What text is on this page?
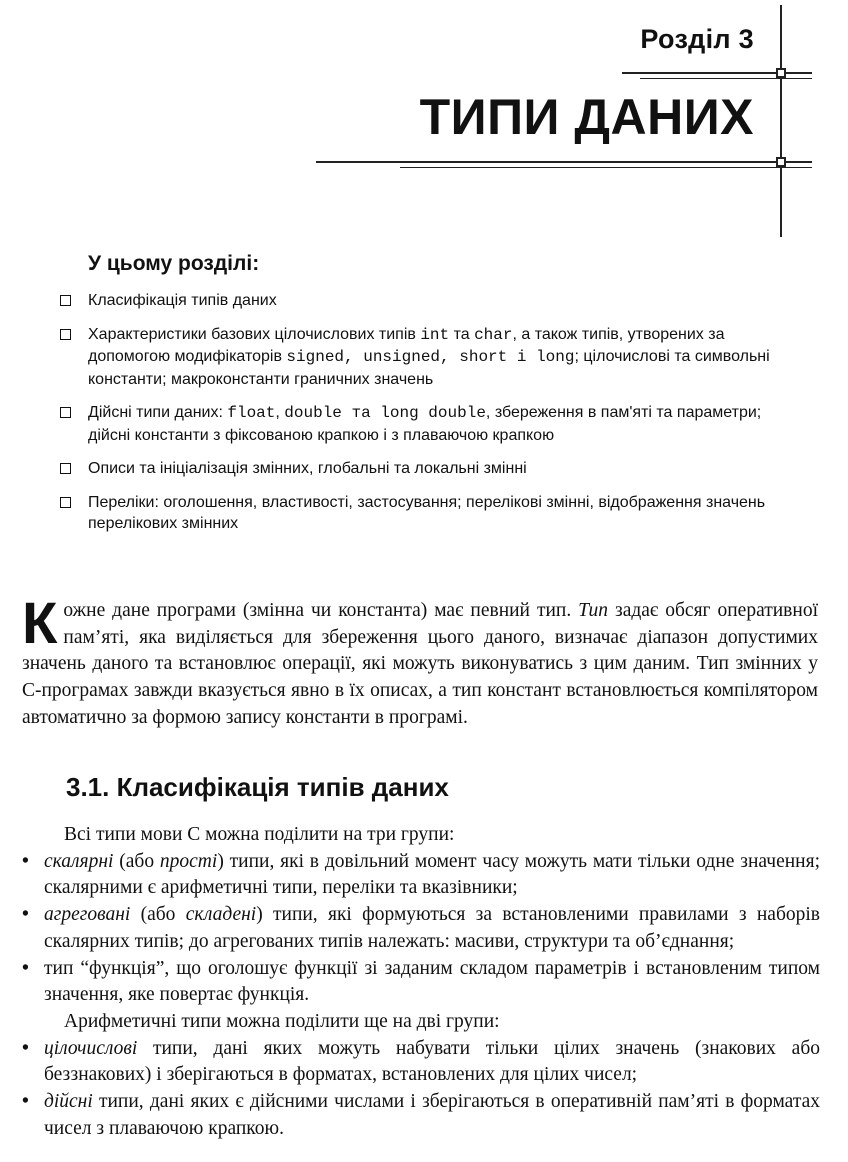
Розділ 3
ТИПИ ДАНИХ
У цьому розділі:
Класифікація типів даних
Характеристики базових цілочислових типів int та char, а також типів, утворених за допомогою модифікаторів signed, unsigned, short і long; цілочислові та символьні константи; макроконстанти граничних значень
Дійсні типи даних: float, double та long double, збереження в пам'яті та параметри; дійсні константи з фіксованою крапкою і з плаваючою крапкою
Описи та ініціалізація змінних, глобальні та локальні змінні
Переліки: оголошення, властивості, застосування; перелікові змінні, відображення значень перелікових змінних
Кожне дане програми (змінна чи константа) має певний тип. Тип задає обсяг оперативної пам’яті, яка виділяється для збереження цього даного, визначає діапазон допустимих значень даного та встановлює операції, які можуть виконуватись з цим даним. Тип змінних у С-програмах завжди вказується явно в їх описах, а тип констант встановлюється компілятором автоматично за формою запису константи в програмі.
3.1. Класифікація типів даних

Всі типи мови С можна поділити на три групи:

• скалярні (або прості) типи, які в довільний момент часу можуть мати тільки одне значення; скалярними є арифметичні типи, переліки та вказівники;
• агреговані (або складені) типи, які формуються за встановленими правилами з наборів скалярних типів; до агрегованих типів належать: масиви, структури та об’єднання;
• тип “функція”, що оголошує функції зі заданим складом параметрів і встановленим типом значення, яке повертає функція.

Арифметичні типи можна поділити ще на дві групи:

• цілочислові типи, дані яких можуть набувати тільки цілих значень (знакових або беззнакових) і зберігаються в форматах, встановлених для цілих чисел;
• дійсні типи, дані яких є дійсними числами і зберігаються в оперативній пам’яті в форматах чисел з плаваючою крапкою.
